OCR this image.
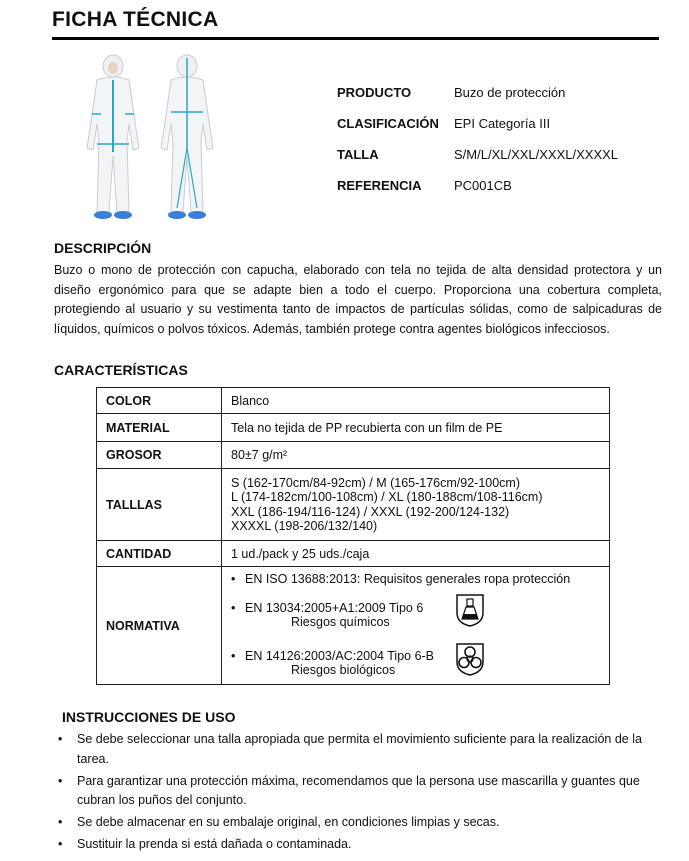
FICHA TÉCNICA
PRODUCTO	Buzo de protección
CLASIFICACIÓN EPI Categoría III
TALLA	S/M/L/XL/XXL/XXXL/XXXXL
REFERENCIA PC001CB
DESCRIPCIÓN
Buzo o mono de protección con capucha, elaborado con tela no tejida de alta densidad protectora y un diseño ergonómico para que se adapte bien a todo el cuerpo. Proporciona una cobertura completa, protegiendo al usuario y su vestimenta tanto de impactos de partículas sólidas, como de salpicaduras de líquidos, químicos o polvos tóxicos. Además, también protege contra agentes biológicos infecciosos.
CARACTERÍSTICAS
COLOR	Blanco
MATERIAL	Tela no tejida de PP recubierta con un film de PE
GROSOR	80±7 g/m²
TALLLAS	S (162-170cm/84-92cm) / M (165-176cm/92-100cm)
L (174-182cm/100-108cm) / XL (180-188cm/108-116cm)
XXL (186-194/116-124) / XXXL (192-200/124-132)
XXXXL (198-206/132/140)

CANTIDAD	1 ud./pack y 25 uds./caja
NORMATIVA	• EN ISO 13688:2013: Requisitos generales ropa protección
• EN 13034:2005+A1:2009 Tipo 6
Riesgos químicos
• EN 14126:2003/AC:2004 Tipo 6-B
Riesgos biológicos
INSTRUCCIONES DE USO
• Se debe seleccionar una talla apropiada que permita el movimiento suficiente para la realización de la tarea.
• Para garantizar una protección máxima, recomendamos que la persona use mascarilla y guantes que cubran los puños del conjunto.
• Se debe almacenar en su embalaje original, en condiciones limpias y secas.
• Sustituir la prenda si está dañada o contaminada.
